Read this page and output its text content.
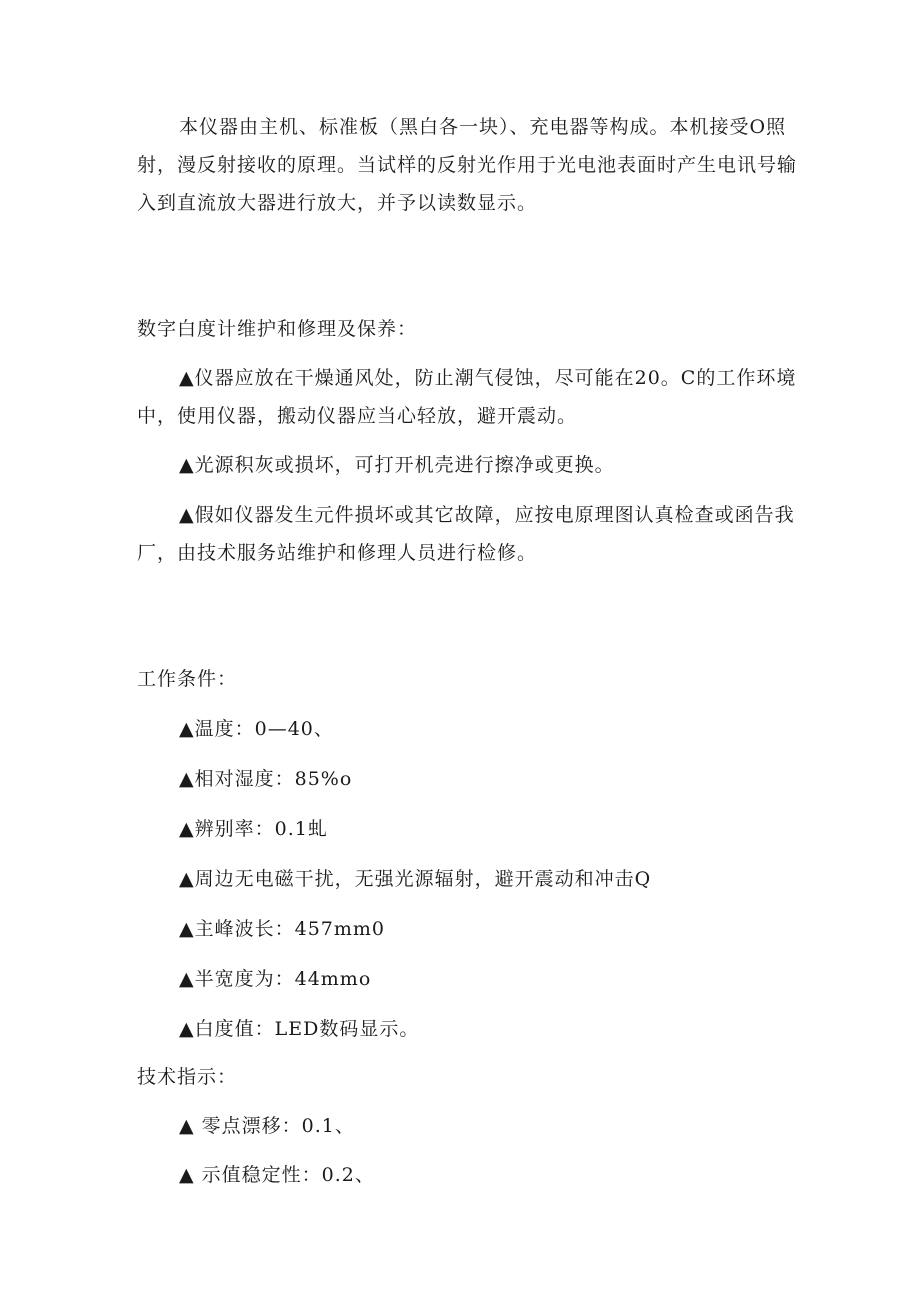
本仪器由主机、标准板（黑白各一块）、充电器等构成。本机接受O照射，漫反射接收的原理。当试样的反射光作用于光电池表面时产生电讯号输入到直流放大器进行放大，并予以读数显示。

数字白度计维护和修理及保养：

▲仪器应放在干燥通风处，防止潮气侵蚀，尽可能在20。C的工作环境中，使用仪器，搬动仪器应当心轻放，避开震动。

▲光源积灰或损坏，可打开机壳进行擦净或更换。

▲假如仪器发生元件损坏或其它故障，应按电原理图认真检查或函告我厂，由技术服务站维护和修理人员进行检修。

工作条件：

▲温度：0—40、

▲相对湿度：85%o

▲辨别率：0.1虬

▲周边无电磁干扰，无强光源辐射，避开震动和冲击Q

▲主峰波长：457mm0

▲半宽度为：44mmo

▲白度值：LED数码显示。

技术指示：

▲ 零点漂移：0.1、

▲ 示值稳定性：0.2、
